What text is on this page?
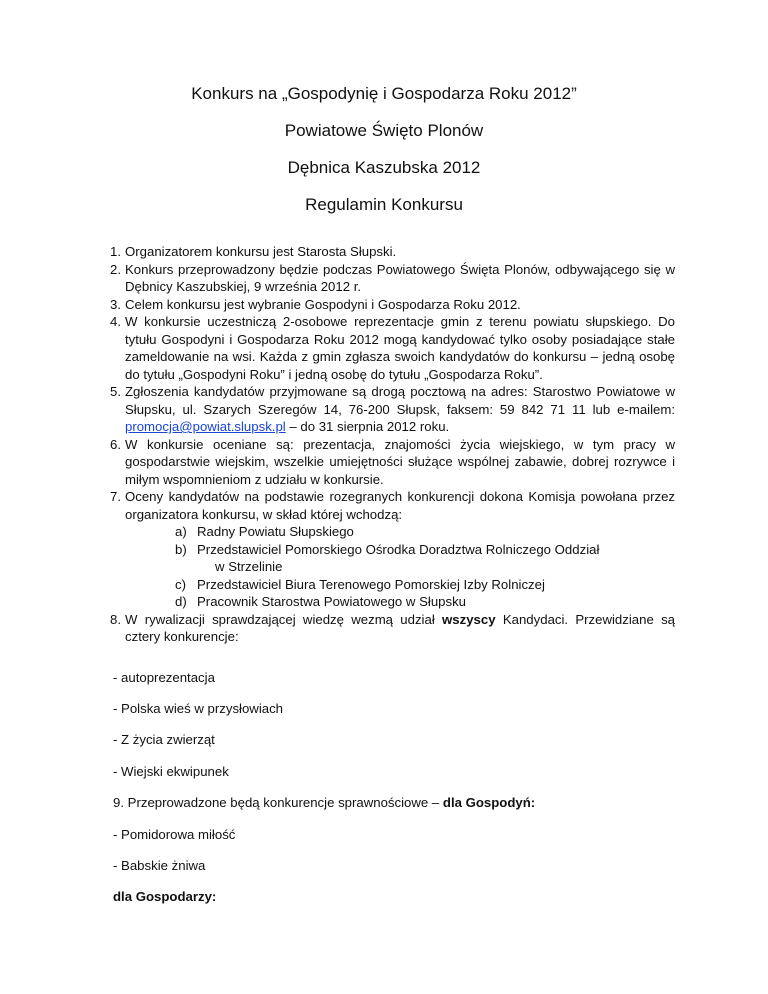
Konkurs na „Gospodynię i Gospodarza Roku 2012”
Powiatowe Święto Plonów
Dębnica Kaszubska 2012
Regulamin Konkursu
1. Organizatorem konkursu jest Starosta Słupski.
2. Konkurs przeprowadzony będzie podczas Powiatowego Święta Plonów, odbywającego się w Dębnicy Kaszubskiej, 9 września 2012 r.
3. Celem konkursu jest wybranie Gospodyni i Gospodarza Roku 2012.
4. W konkursie uczestniczą 2-osobowe reprezentacje gmin z terenu powiatu słupskiego. Do tytułu Gospodyni i Gospodarza Roku 2012 mogą kandydować tylko osoby posiadające stałe zameldowanie na wsi. Każda z gmin zgłasza swoich kandydatów do konkursu – jedną osobę do tytułu „Gospodyni Roku” i jedną osobę do tytułu „Gospodarza Roku”.
5. Zgłoszenia kandydatów przyjmowane są drogą pocztową na adres: Starostwo Powiatowe w Słupsku, ul. Szarych Szeregów 14, 76-200 Słupsk, faksem: 59 842 71 11 lub e-mailem: promocja@powiat.slupsk.pl – do 31 sierpnia 2012 roku.
6. W konkursie oceniane są: prezentacja, znajomości życia wiejskiego, w tym pracy w gospodarstwie wiejskim, wszelkie umiejętności służące wspólnej zabawie, dobrej rozrywce i miłym wspomnieniom z udziału w konkursie.
7. Oceny kandydatów na podstawie rozegranych konkurencji dokona Komisja powołana przez organizatora konkursu, w skład której wchodzą:
a) Radny Powiatu Słupskiego
b) Przedstawiciel Pomorskiego Ośrodka Doradztwa Rolniczego Oddział
w Strzelinie
c) Przedstawiciel Biura Terenowego Pomorskiej Izby Rolniczej
d) Pracownik Starostwa Powiatowego w Słupsku
8. W rywalizacji sprawdzającej wiedzę wezmą udział wszyscy Kandydaci. Przewidziane są cztery konkurencje:
- autoprezentacja
- Polska wieś w przysłowiach
- Z życia zwierząt
- Wiejski ekwipunek
9. Przeprowadzone będą konkurencje sprawnościowe – dla Gospodyń:
- Pomidorowa miłość
- Babskie żniwa
dla Gospodarzy:
